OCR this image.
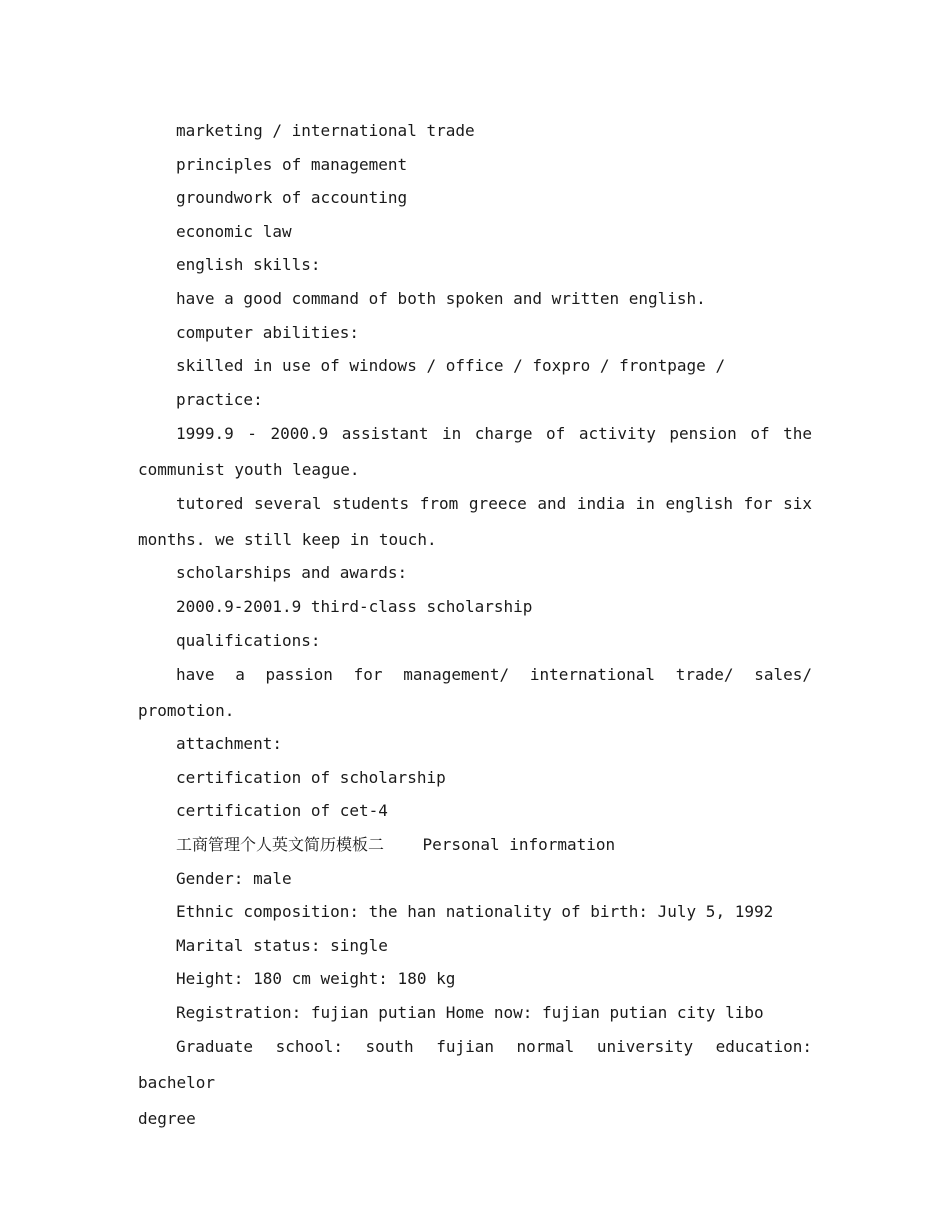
marketing / international trade

principles of management

groundwork of accounting

economic law

english skills:

have a good command of both spoken and written english.

computer abilities:

skilled in use of windows / office / foxpro / frontpage /

practice:

1999.9 - 2000.9 assistant in charge of activity pension of the
communist youth league.
tutored several students from greece and india in english for six
months. we still keep in touch.

scholarships and awards:

2000.9-2001.9 third-class scholarship

qualifications:

have a passion for management/ international trade/ sales/
promotion.

attachment:

certification of scholarship

certification of cet-4

工商管理个人英文简历模板二    Personal information

Gender: male

Ethnic composition: the han nationality of birth: July 5, 1992

Marital status: single

Height: 180 cm weight: 180 kg

Registration: fujian putian Home now: fujian putian city libo

Graduate school: south fujian normal university education: bachelor
degree
